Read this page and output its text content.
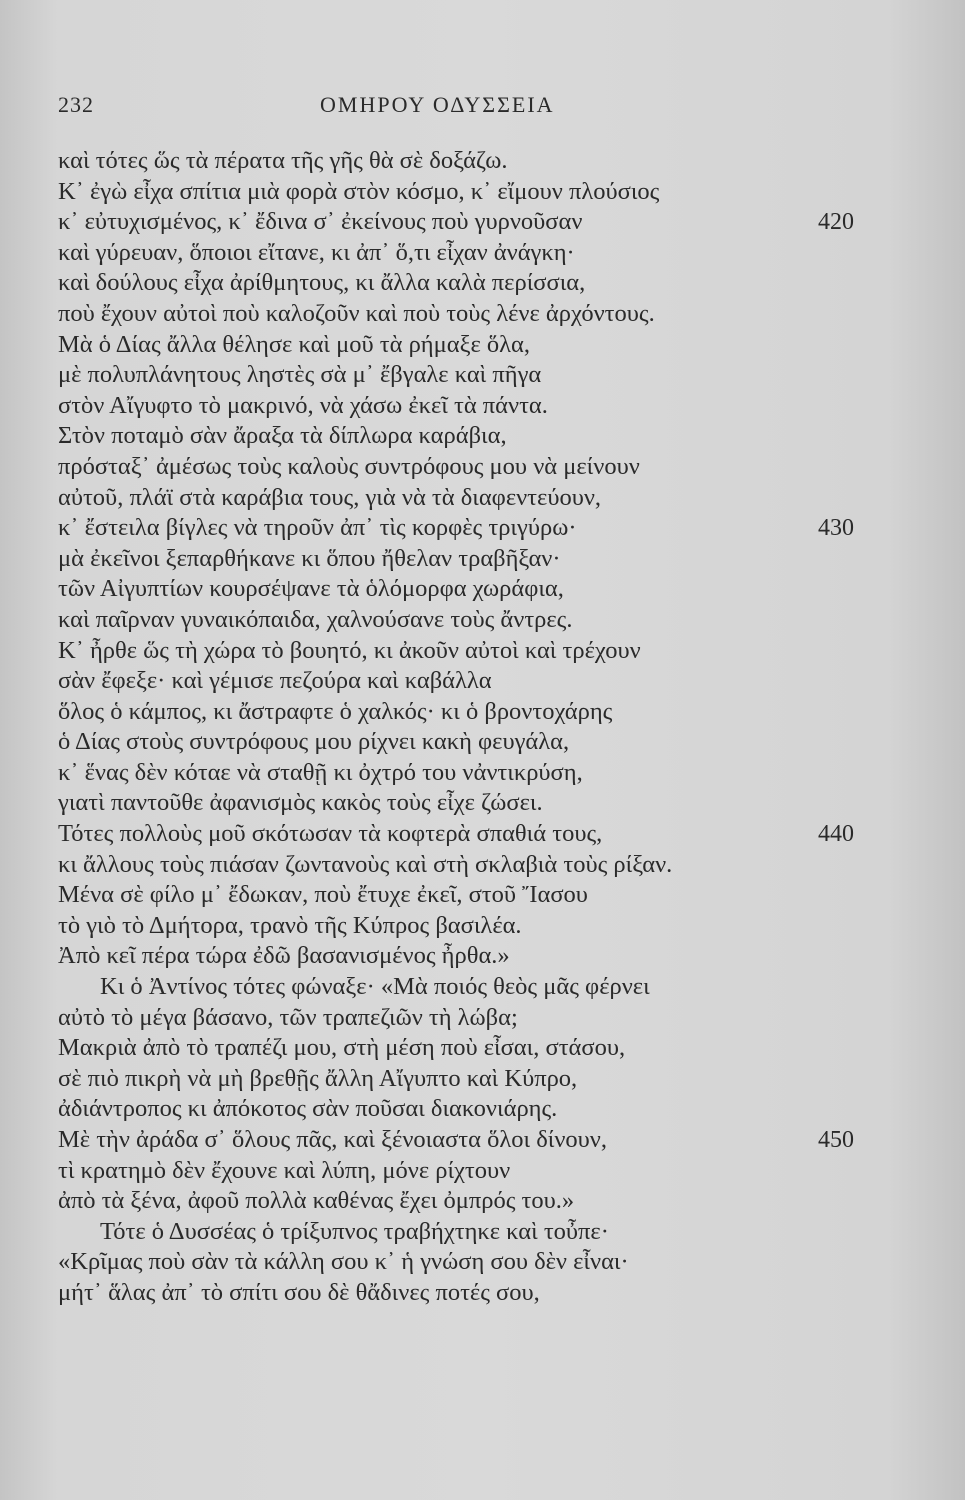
232	ΟΜΗΡΟΥ ΟΔΥΣΣΕΙΑ
καὶ τότες ὥς τὰ πέρατα τῆς γῆς θὰ σὲ δοξάζω.
Κ᾿ ἐγὼ εἶχα σπίτια μιὰ φορὰ στὸν κόσμο, κ᾿ εἴμουν πλούσιος
κ᾿ εὐτυχισμένος, κ᾿ ἔδινα σ᾿ ἐκείνους ποὺ γυρνοῦσαν	420
καὶ γύρευαν, ὅποιοι εἴτανε, κι ἀπ᾿ ὅ,τι εἶχαν ἀνάγκη·
καὶ δούλους εἶχα ἀρίθμητους, κι ἄλλα καλὰ περίσσια,
ποὺ ἔχουν αὐτοὶ ποὺ καλοζοῦν καὶ ποὺ τοὺς λένε ἀρχόντους.
Μὰ ὁ Δίας ἄλλα θέλησε καὶ μοῦ τὰ ρήμαξε ὅλα,
μὲ πολυπλάνητους ληστὲς σὰ μ᾿ ἔβγαλε καὶ πῆγα
στὸν Αἴγυφτο τὸ μακρινό, νὰ χάσω ἐκεῖ τὰ πάντα.
Στὸν ποταμὸ σὰν ἄραξα τὰ δίπλωρα καράβια,
πρόσταξ᾿ ἀμέσως τοὺς καλοὺς συντρόφους μου νὰ μείνουν
αὐτοῦ, πλάϊ στὰ καράβια τους, γιὰ νὰ τὰ διαφεντεύουν,
κ᾿ ἔστειλα βίγλες νὰ τηροῦν ἀπ᾿ τὶς κορφὲς τριγύρω·	430
μὰ ἐκεῖνοι ξεπαρθήκανε κι ὅπου ἤθελαν τραβῆξαν·
τῶν Αἰγυπτίων κουρσέψανε τὰ ὁλόμορφα χωράφια,
καὶ παῖρναν γυναικόπαιδα, χαλνούσανε τοὺς ἄντρες.
Κ᾿ ἦρθε ὥς τὴ χώρα τὸ βουητό, κι ἀκοῦν αὐτοὶ καὶ τρέχουν
σὰν ἔφεξε· καὶ γέμισε πεζούρα καὶ καβάλλα
ὅλος ὁ κάμπος, κι ἄστραφτε ὁ χαλκός· κι ὁ βροντοχάρης
ὁ Δίας στοὺς συντρόφους μου ρίχνει κακὴ φευγάλα,
κ᾿ ἕνας δὲν κόταε νὰ σταθῇ κι ὀχτρό του νἀντικρύση,
γιατὶ παντοῦθε ἀφανισμὸς κακὸς τοὺς εἶχε ζώσει.
Τότες πολλοὺς μοῦ σκότωσαν τὰ κοφτερὰ σπαθιά τους,	440
κι ἄλλους τοὺς πιάσαν ζωντανοὺς καὶ στὴ σκλαβιὰ τοὺς ρίξαν.
Μένα σὲ φίλο μ᾿ ἔδωκαν, ποὺ ἔτυχε ἐκεῖ, στοῦ Ἴασου
τὸ γιὸ τὸ Δμήτορα, τρανὸ τῆς Κύπρος βασιλέα.
Ἀπὸ κεῖ πέρα τώρα ἐδῶ βασανισμένος ἦρθα.»
Κι ὁ Ἀντίνος τότες φώναξε· «Μὰ ποιός θεὸς μᾶς φέρνει
αὐτὸ τὸ μέγα βάσανο, τῶν τραπεζιῶν τὴ λώβα;
Μακριὰ ἀπὸ τὸ τραπέζι μου, στὴ μέση ποὺ εἶσαι, στάσου,
σὲ πιὸ πικρὴ νὰ μὴ βρεθῇς ἄλλη Αἴγυπτο καὶ Κύπρο,
ἀδιάντροπος κι ἀπόκοτος σὰν ποῦσαι διακονιάρης.
Μὲ τὴν ἀράδα σ᾿ ὅλους πᾶς, καὶ ξένοιαστα ὅλοι δίνουν,	450
τὶ κρατημὸ δὲν ἔχουνε καὶ λύπη, μόνε ρίχτουν
ἀπὸ τὰ ξένα, ἀφοῦ πολλὰ καθένας ἔχει ὀμπρός του.»
Τότε ὁ Δυσσέας ὁ τρίξυπνος τραβήχτηκε καὶ τοὖπε·
«Κρῖμας ποὺ σὰν τὰ κάλλη σου κ᾿ ἡ γνώση σου δὲν εἶναι·
μήτ᾿ ἅλας ἀπ᾿ τὸ σπίτι σου δὲ θἄδινες ποτές σου,
